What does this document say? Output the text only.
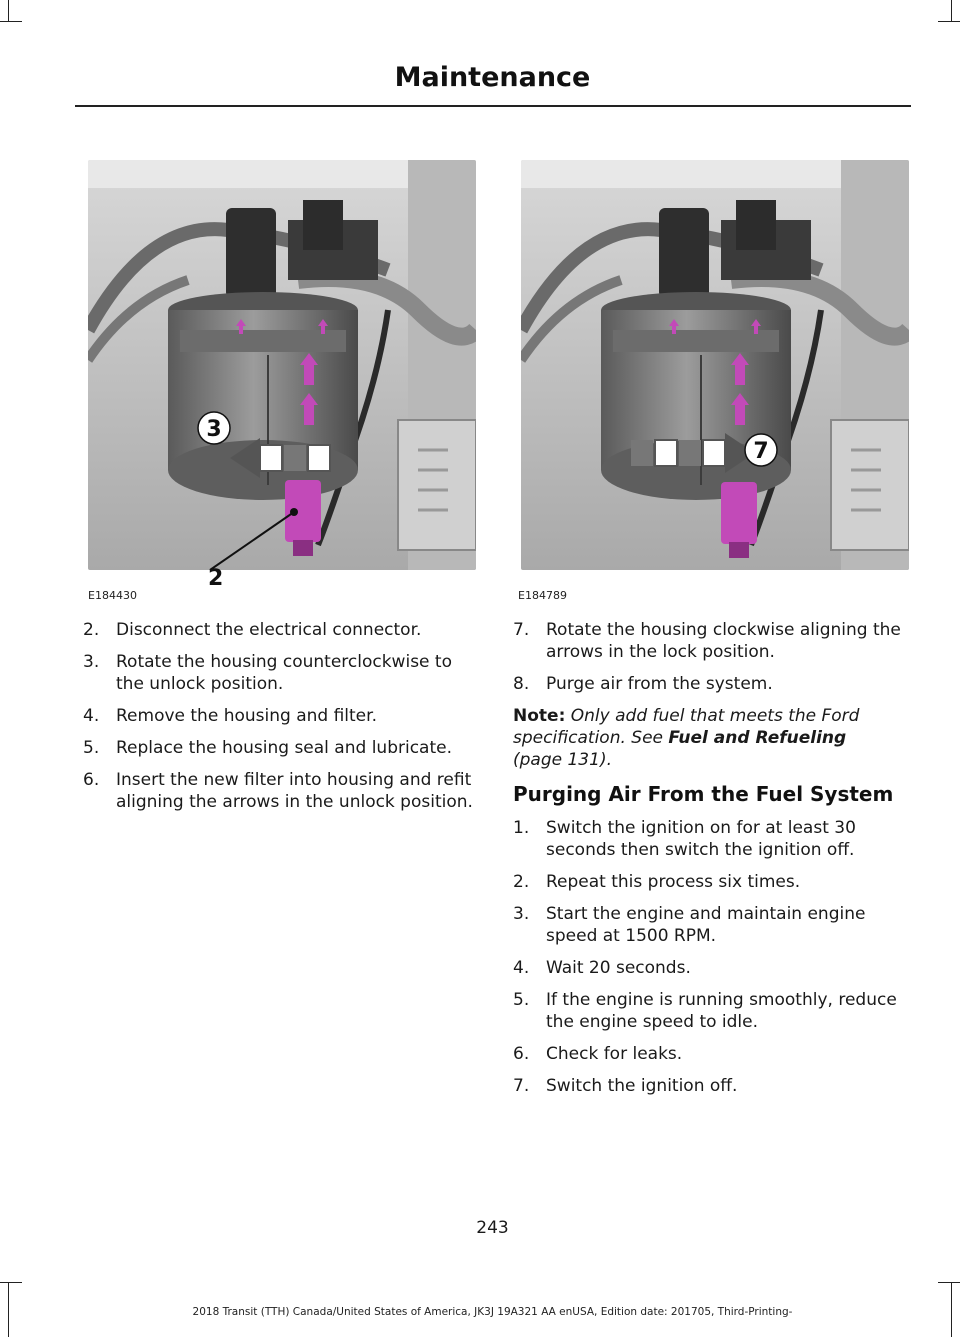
Maintenance
3
2
E184430
7
E184789
2. Disconnect the electrical connector.
3. Rotate the housing counterclockwise to the unlock position.
4. Remove the housing and filter.
5. Replace the housing seal and lubricate.
6. Insert the new filter into housing and refit aligning the arrows in the unlock position.
7. Rotate the housing clockwise aligning the arrows in the lock position.
8. Purge air from the system.

Note: Only add fuel that meets the Ford specification. See Fuel and Refueling
(page 131).

Purging Air From the Fuel System
1. Switch the ignition on for at least 30 seconds then switch the ignition off.
2. Repeat this process six times.
3. Start the engine and maintain engine speed at 1500 RPM.
4. Wait 20 seconds.
5. If the engine is running smoothly, reduce the engine speed to idle.
6. Check for leaks.
7. Switch the ignition off.
243
2018 Transit (TTH) Canada/United States of America, JK3J 19A321 AA enUSA, Edition date: 201705, Third-Printing-
